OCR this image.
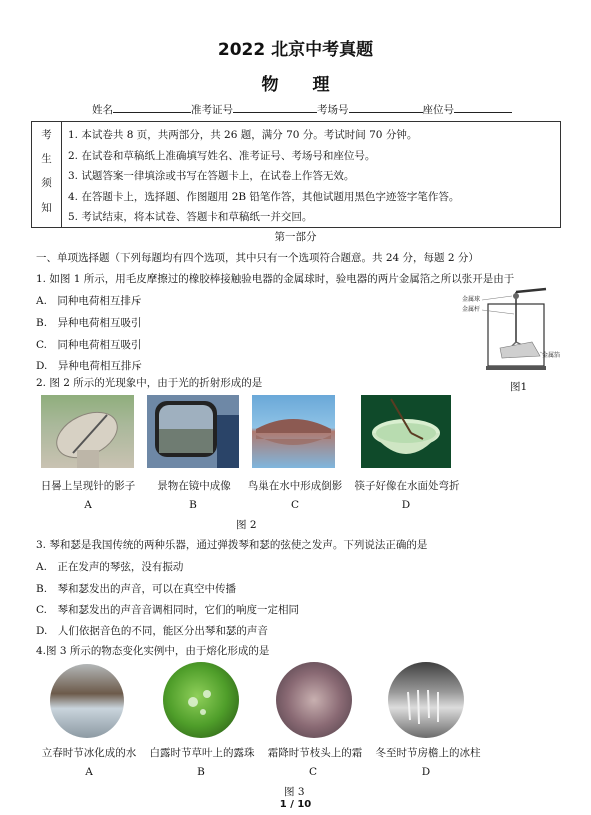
2022 北京中考真题
物理
姓名	准考证号	考场号	座位号
考
生
须
知
1. 本试卷共 8 页，共两部分，共 26 题，满分 70 分。考试时间 70 分钟。
2. 在试卷和草稿纸上准确填写姓名、准考证号、考场号和座位号。
3. 试题答案一律填涂或书写在答题卡上，在试卷上作答无效。
4. 在答题卡上，选择题、作图题用 2B 铅笔作答，其他试题用黑色字迹签字笔作答。
5. 考试结束，将本试卷、答题卡和草稿纸一并交回。
第一部分
一、单项选择题（下列每题均有四个选项，其中只有一个选项符合题意。共 24 分，每题 2 分）
1. 如图 1 所示，用毛皮摩擦过的橡胶棒接触验电器的金属球时，验电器的两片金属箔之所以张开是由于
A.　同种电荷相互排斥
B.　异种电荷相互吸引
C.　同种电荷相互吸引
D.　异种电荷相互排斥
金属球
金属杆
金属箔
图1
2. 图 2 所示的光现象中，由于光的折射形成的是
日晷上呈现针的影子	景物在镜中成像	鸟巢在水中形成倒影	筷子好像在水面处弯折
A	B	C	D
图 2
3. 琴和瑟是我国传统的两种乐器，通过弹拨琴和瑟的弦使之发声。下列说法正确的是
A.　正在发声的琴弦，没有振动
B.　琴和瑟发出的声音，可以在真空中传播
C.　琴和瑟发出的声音音调相同时，它们的响度一定相同
D.　人们依据音色的不同，能区分出琴和瑟的声音
4.图 3 所示的物态变化实例中，由于熔化形成的是
立春时节冰化成的水	白露时节草叶上的露珠	霜降时节枝头上的霜	冬至时节房檐上的冰柱
A	B	C	D
图 3
1 / 10
